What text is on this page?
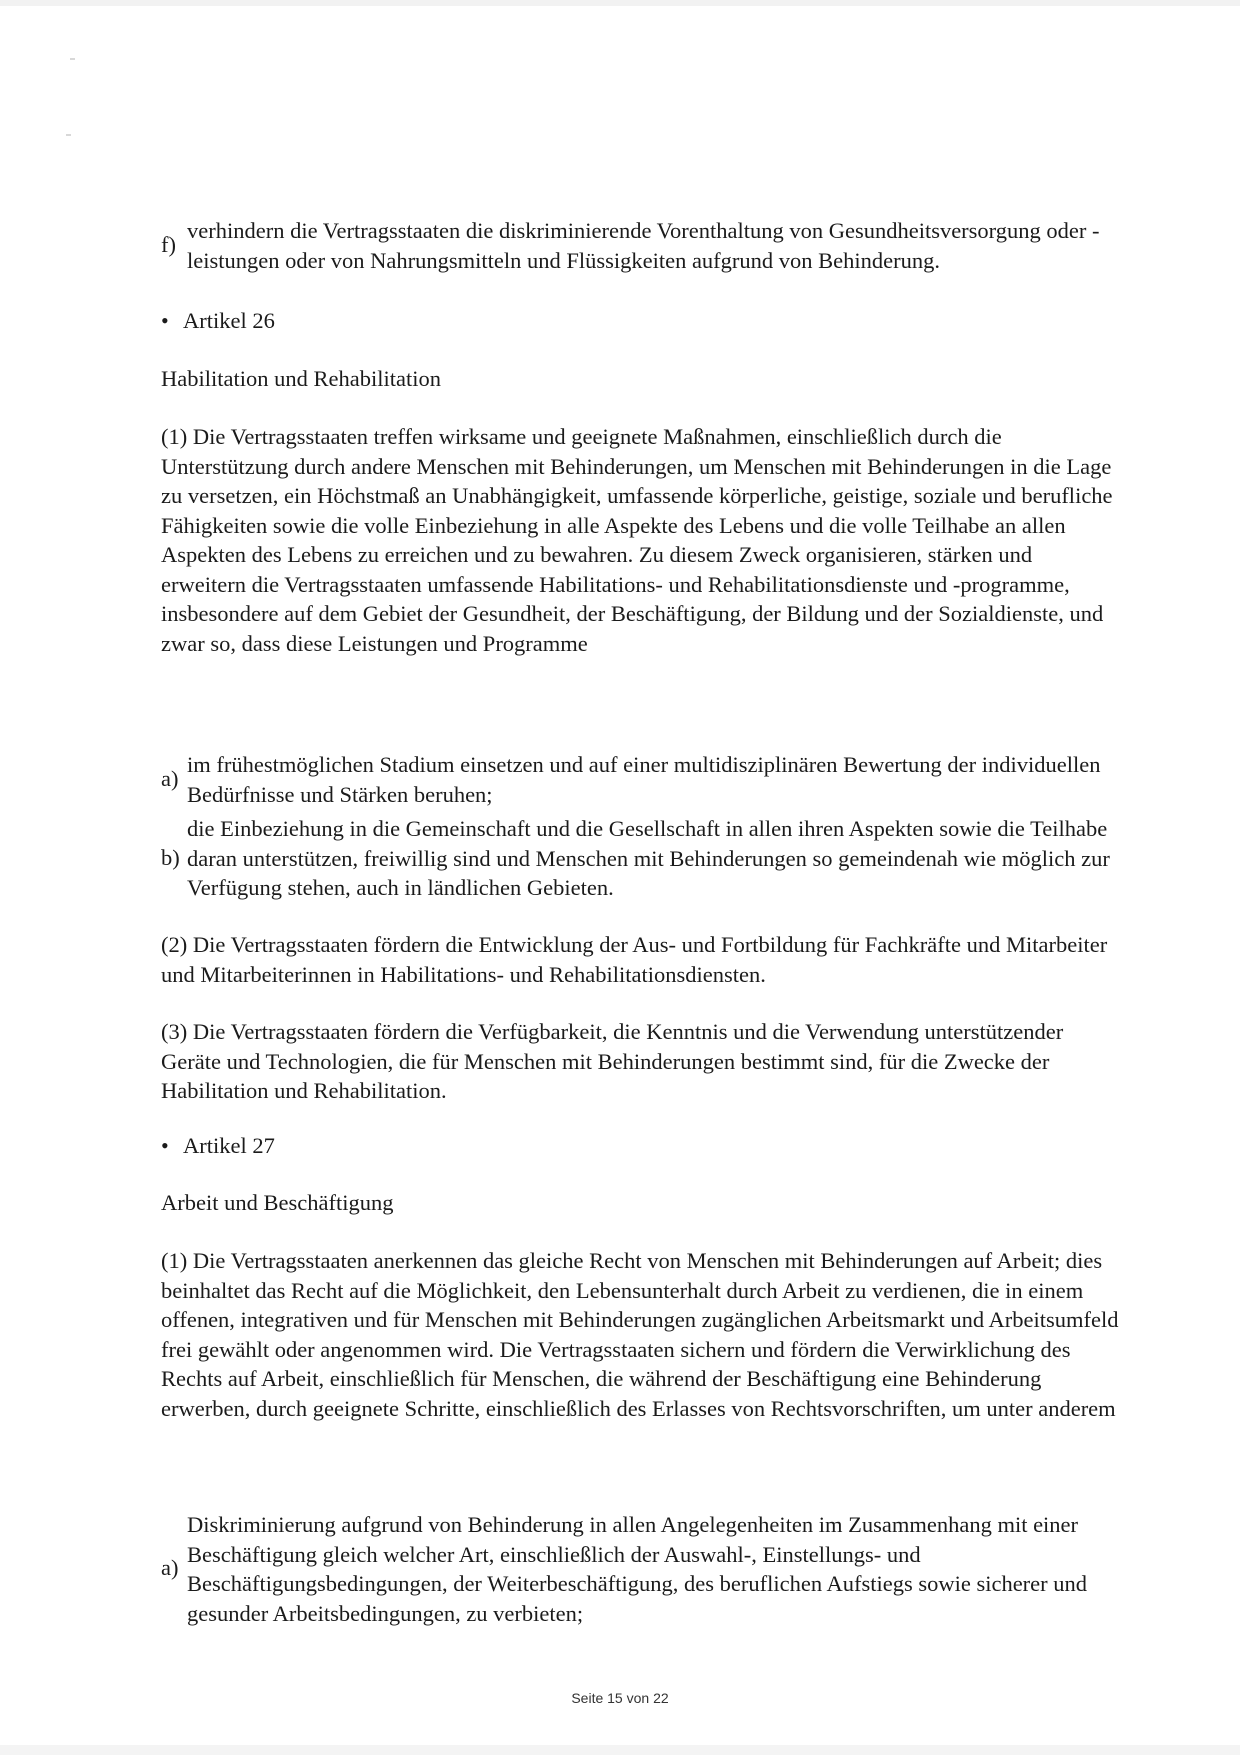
f)

verhindern die Vertragsstaaten die diskriminierende Vorenthaltung von Gesundheitsversorgung oder -leistungen oder von Nahrungsmitteln und Flüssigkeiten aufgrund von Behinderung.

• Artikel 26
Habilitation und Rehabilitation

(1) Die Vertragsstaaten treffen wirksame und geeignete Maßnahmen, einschließlich durch die Unterstützung durch andere Menschen mit Behinderungen, um Menschen mit Behinderungen in die Lage zu versetzen, ein Höchstmaß an Unabhängigkeit, umfassende körperliche, geistige, soziale und berufliche Fähigkeiten sowie die volle Einbeziehung in alle Aspekte des Lebens und die volle Teilhabe an allen Aspekten des Lebens zu erreichen und zu bewahren. Zu diesem Zweck organisieren, stärken und erweitern die Vertragsstaaten umfassende Habilitations- und Rehabilitationsdienste und -programme, insbesondere auf dem Gebiet der Gesundheit, der Beschäftigung, der Bildung und der Sozialdienste, und zwar so, dass diese Leistungen und Programme

a)

im frühestmöglichen Stadium einsetzen und auf einer multidisziplinären Bewertung der individuellen Bedürfnisse und Stärken beruhen;

b)

die Einbeziehung in die Gemeinschaft und die Gesellschaft in allen ihren Aspekten sowie die Teilhabe daran unterstützen, freiwillig sind und Menschen mit Behinderungen so gemeindenah wie möglich zur Verfügung stehen, auch in ländlichen Gebieten.

(2) Die Vertragsstaaten fördern die Entwicklung der Aus- und Fortbildung für Fachkräfte und Mitarbeiter und Mitarbeiterinnen in Habilitations- und Rehabilitationsdiensten.

(3) Die Vertragsstaaten fördern die Verfügbarkeit, die Kenntnis und die Verwendung unterstützender Geräte und Technologien, die für Menschen mit Behinderungen bestimmt sind, für die Zwecke der Habilitation und Rehabilitation.

• Artikel 27
Arbeit und Beschäftigung

(1) Die Vertragsstaaten anerkennen das gleiche Recht von Menschen mit Behinderungen auf Arbeit; dies beinhaltet das Recht auf die Möglichkeit, den Lebensunterhalt durch Arbeit zu verdienen, die in einem offenen, integrativen und für Menschen mit Behinderungen zugänglichen Arbeitsmarkt und Arbeitsumfeld frei gewählt oder angenommen wird. Die Vertragsstaaten sichern und fördern die Verwirklichung des Rechts auf Arbeit, einschließlich für Menschen, die während der Beschäftigung eine Behinderung erwerben, durch geeignete Schritte, einschließlich des Erlasses von Rechtsvorschriften, um unter anderem

a)

Diskriminierung aufgrund von Behinderung in allen Angelegenheiten im Zusammenhang mit einer Beschäftigung gleich welcher Art, einschließlich der Auswahl-, Einstellungs- und Beschäftigungsbedingungen, der Weiterbeschäftigung, des beruflichen Aufstiegs sowie sicherer und gesunder Arbeitsbedingungen, zu verbieten;

Seite 15 von 22
